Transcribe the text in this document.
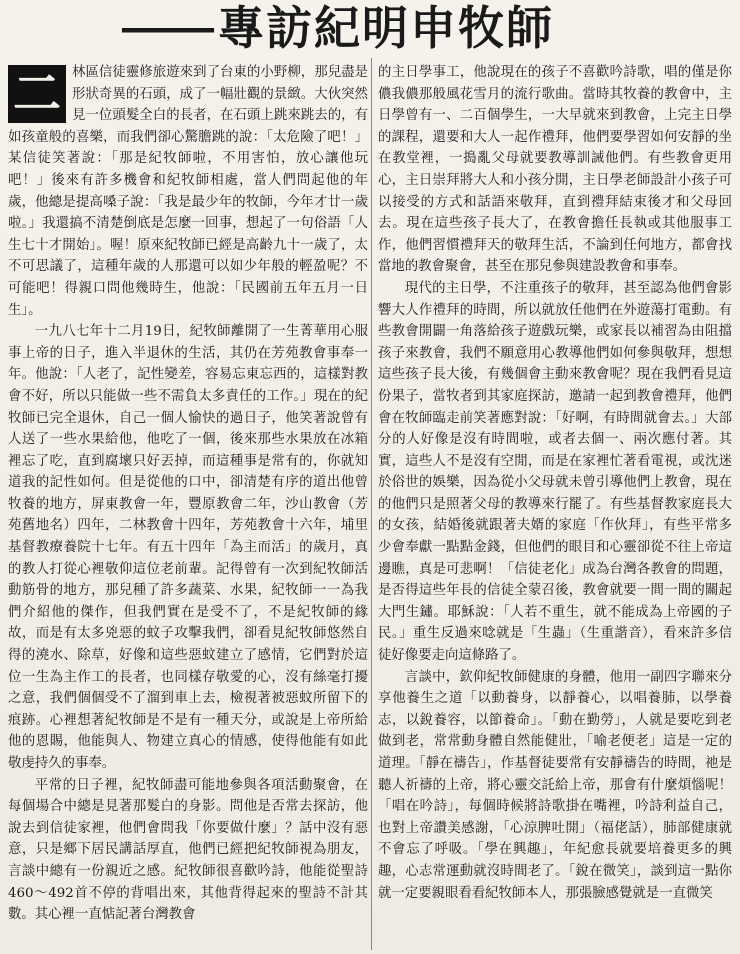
——— 專訪紀明申牧師

二 林區信徒靈修旅遊來到了台東的小野柳，那兒盡是形狀奇異的石頭，成了一幅壯觀的景緻。大伙突然見一位頭髮全白的長者，在石頭上跳來跳去的，有如孩童般的喜樂，而我們卻心驚膽跳的說：「太危險了吧！」某信徒笑著說：「那是紀牧師啦，不用害怕，放心讓他玩吧！」後來有許多機會和紀牧師相處，當人們問起他的年歲，他總是提高嗓子說：「我是最少年的牧師，今年才廿一歲啦。」我還搞不清楚倒底是怎麼一回事，想起了一句俗語「人生七十才開始」。喔！原來紀牧師已經是高齡九十一歲了，太不可思議了，這種年歲的人那還可以如少年般的輕盈呢？不可能吧！得親口問他幾時生，他說：「民國前五年五月一日生」。

一九八七年十二月19日，紀牧師離開了一生菁華用心服事上帝的日子，進入半退休的生活，其仍在芳苑教會事奉一年。他說：「人老了，記性變差，容易忘東忘西的，這樣對教會不好，所以只能做一些不需負太多責任的工作。」現在的紀牧師已完全退休，自己一個人愉快的過日子，他笑著說曾有人送了一些水果給他，他吃了一個，後來那些水果放在冰箱裡忘了吃，直到腐壞只好丟掉，而這種事是常有的，你就知道我的記性如何。但是從他的口中，卻清楚有序的道出他曾牧養的地方，屏東教會一年，豐原教會二年，沙山教會（芳苑舊地名）四年，二林教會十四年，芳苑教會十六年，埔里基督教療養院十七年。有五十四年「為主而活」的歲月，真的教人打從心裡敬仰這位老前輩。記得曾有一次到紀牧師活動筋骨的地方，那兒種了許多蔬菜、水果，紀牧師一一為我們介紹他的傑作，但我們實在是受不了，不是紀牧師的緣故，而是有太多兇惡的蚊子攻擊我們，卻看見紀牧師悠然自得的澆水、除草，好像和這些惡蚊建立了感情，它們對於這位一生為主作工的長者，也同樣存敬愛的心，沒有絲毫打擾之意，我們個個受不了溜到車上去，檢視著被惡蚊所留下的痕跡。心裡想著紀牧師是不是有一種天分，或說是上帝所給他的恩賜，他能與人、物建立真心的情感，使得他能有如此敬虔持久的事奉。

平常的日子裡，紀牧師盡可能地參與各項活動聚會，在每個場合中總是見著那髮白的身影。問他是否常去探訪，他說去到信徒家裡，他們會問我「你要做什麼」？話中沒有惡意，只是鄉下居民講話厚直，他們已經把紀牧師視為朋友，言談中總有一份親近之感。紀牧師很喜歡吟詩，他能從聖詩460～492首不停的背唱出來，其他背得起來的聖詩不計其數。其心裡一直惦記著台灣教會

的主日學事工，他說現在的孩子不喜歡吟詩歌，唱的僅是你儂我儂那般風花雪月的流行歌曲。當時其牧養的教會中，主日學曾有一、二百個學生，一大早就來到教會，上完主日學的課程，還要和大人一起作禮拜，他們要學習如何安靜的坐在教堂裡，一搗亂父母就要教導訓誡他們。有些教會更用心，主日崇拜將大人和小孩分開，主日學老師設計小孩子可以接受的方式和話語來敬拜，直到禮拜結束後才和父母回去。現在這些孩子長大了，在教會擔任長執或其他服事工作，他們習慣禮拜天的敬拜生活，不論到任何地方，都會找當地的教會聚會，甚至在那兒參與建設教會和事奉。

現代的主日學，不注重孩子的敬拜，甚至認為他們會影響大人作禮拜的時間，所以就放任他們在外遊蕩打電動。有些教會開闢一角落給孩子遊戲玩樂，或家長以補習為由阻擋孩子來教會，我們不願意用心教導他們如何參與敬拜，想想這些孩子長大後，有幾個會主動來教會呢？現在我們看見這份果子，當牧者到其家庭探訪，邀請一起到教會禮拜，他們會在牧師臨走前笑著應對說：「好啊，有時間就會去。」大部分的人好像是沒有時間啦，或者去個一、兩次應付著。其實，這些人不是沒有空閒，而是在家裡忙著看電視，或沈迷於俗世的娛樂，因為從小父母就未曾引導他們上教會，現在的他們只是照著父母的教導來行罷了。有些基督教家庭長大的女孩，結婚後就跟著夫婿的家庭「作伙拜」，有些平常多少會奉獻一點點金錢，但他們的眼目和心靈卻從不往上帝這邊瞧，真是可悲啊！「信徒老化」成為台灣各教會的問題，是否得這些年長的信徒全蒙召後，教會就要一間一間的關起大門生鏽。耶穌說：「人若不重生，就不能成為上帝國的子民。」重生反過來唸就是「生蟲」（生重諧音），看來許多信徒好像要走向這條路了。

言談中，欽仰紀牧師健康的身體，他用一副四字聯來分享他養生之道「以動養身，以靜養心，以唱養肺，以學養志，以銳養容，以節養命」。「動在勤勞」，人就是要吃到老做到老，常常動身體自然能健壯，「喻老便老」這是一定的道理。「靜在禱告」，作基督徒要常有安靜禱告的時間，祂是聽人祈禱的上帝，將心靈交託給上帝，那會有什麼煩惱呢！「唱在吟詩」，每個時候將詩歌掛在嘴裡，吟詩利益自己，也對上帝讚美感謝，「心涼脾吐開」（福佬話），肺部健康就不會忘了呼吸。「學在興趣」，年紀愈長就要培養更多的興趣，心志常運動就沒時間老了。「銳在微笑」，談到這一點你就一定要親眼看看紀牧師本人，那張臉感覺就是一直微笑
